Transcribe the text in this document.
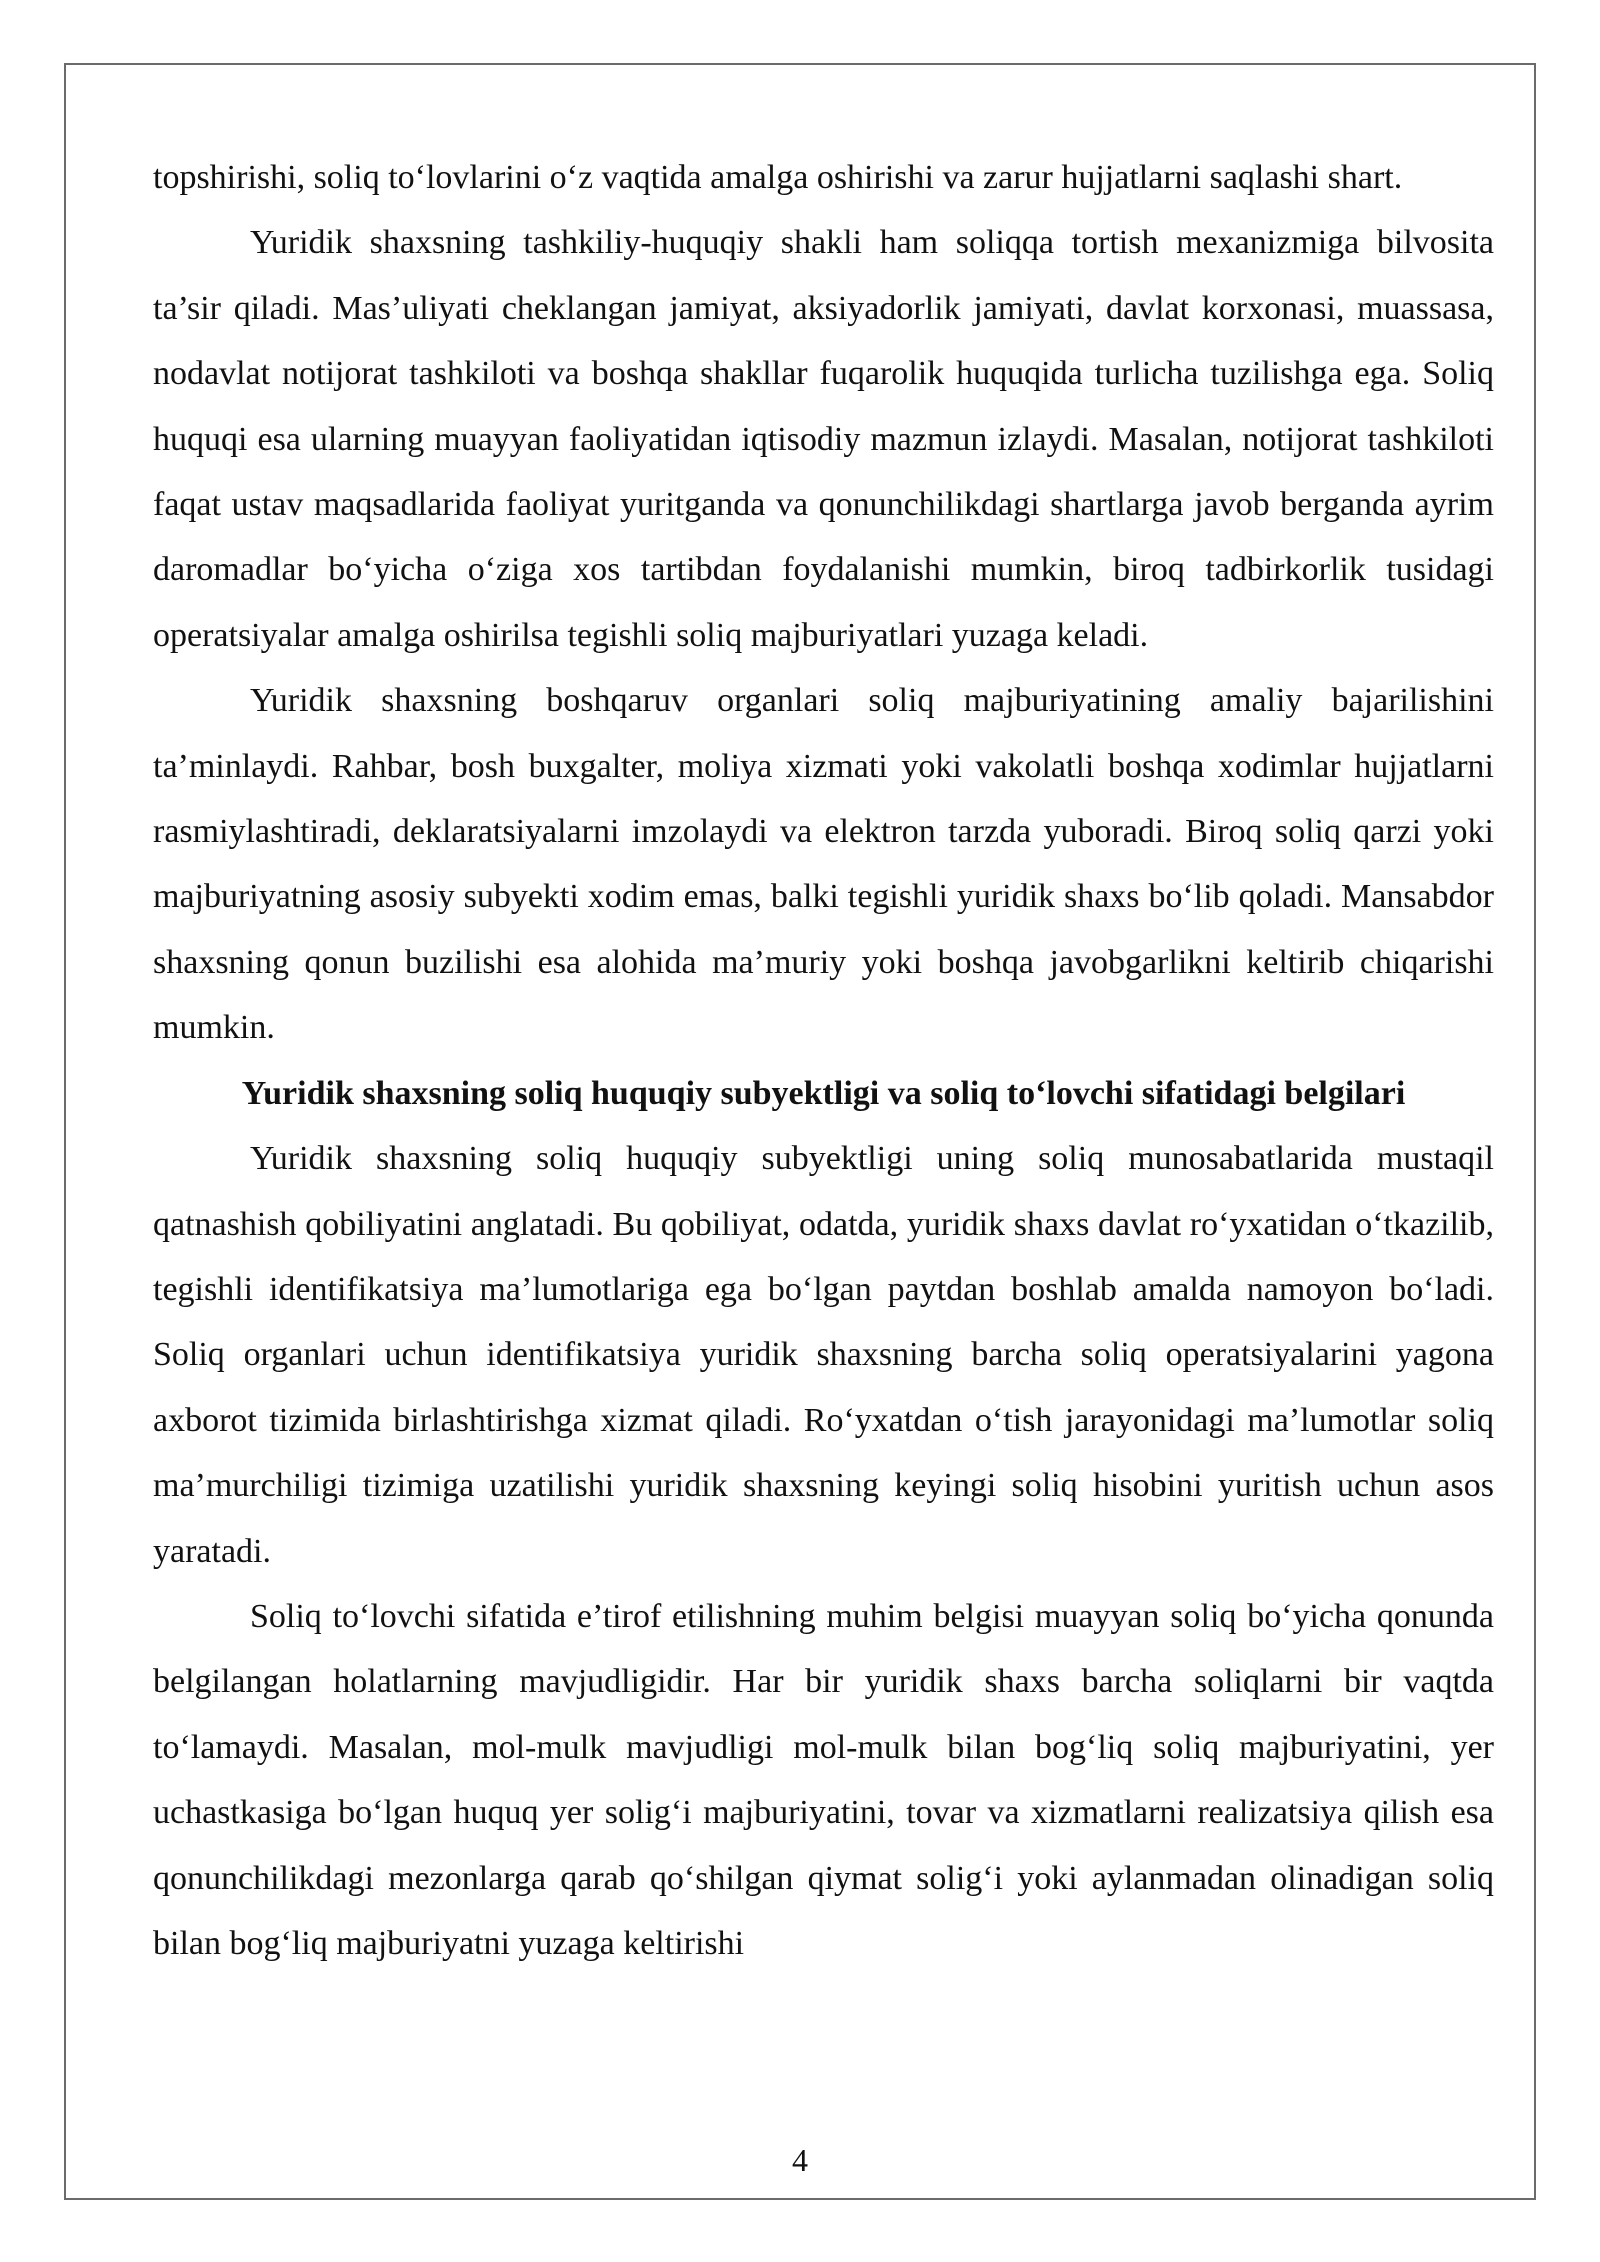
topshirishi, soliq to‘lovlarini o‘z vaqtida amalga oshirishi va zarur hujjatlarni saqlashi shart.

Yuridik shaxsning tashkiliy-huquqiy shakli ham soliqqa tortish mexanizmiga bilvosita ta’sir qiladi. Mas’uliyati cheklangan jamiyat, aksiyadorlik jamiyati, davlat korxonasi, muassasa, nodavlat notijorat tashkiloti va boshqa shakllar fuqarolik huquqida turlicha tuzilishga ega. Soliq huquqi esa ularning muayyan faoliyatidan iqtisodiy mazmun izlaydi. Masalan, notijorat tashkiloti faqat ustav maqsadlarida faoliyat yuritganda va qonunchilikdagi shartlarga javob berganda ayrim daromadlar bo‘yicha o‘ziga xos tartibdan foydalanishi mumkin, biroq tadbirkorlik tusidagi operatsiyalar amalga oshirilsa tegishli soliq majburiyatlari yuzaga keladi.

Yuridik shaxsning boshqaruv organlari soliq majburiyatining amaliy bajarilishini ta’minlaydi. Rahbar, bosh buxgalter, moliya xizmati yoki vakolatli boshqa xodimlar hujjatlarni rasmiylashtiradi, deklaratsiyalarni imzolaydi va elektron tarzda yuboradi. Biroq soliq qarzi yoki majburiyatning asosiy subyekti xodim emas, balki tegishli yuridik shaxs bo‘lib qoladi. Mansabdor shaxsning qonun buzilishi esa alohida ma’muriy yoki boshqa javobgarlikni keltirib chiqarishi mumkin.

Yuridik shaxsning soliq huquqiy subyektligi va soliq to‘lovchi sifatidagi belgilari

Yuridik shaxsning soliq huquqiy subyektligi uning soliq munosabatlarida mustaqil qatnashish qobiliyatini anglatadi. Bu qobiliyat, odatda, yuridik shaxs davlat ro‘yxatidan o‘tkazilib, tegishli identifikatsiya ma’lumotlariga ega bo‘lgan paytdan boshlab amalda namoyon bo‘ladi. Soliq organlari uchun identifikatsiya yuridik shaxsning barcha soliq operatsiyalarini yagona axborot tizimida birlashtirishga xizmat qiladi. Ro‘yxatdan o‘tish jarayonidagi ma’lumotlar soliq ma’murchiligi tizimiga uzatilishi yuridik shaxsning keyingi soliq hisobini yuritish uchun asos yaratadi.

Soliq to‘lovchi sifatida e’tirof etilishning muhim belgisi muayyan soliq bo‘yicha qonunda belgilangan holatlarning mavjudligidir. Har bir yuridik shaxs barcha soliqlarni bir vaqtda to‘lamaydi. Masalan, mol-mulk mavjudligi mol-mulk bilan bog‘liq soliq majburiyatini, yer uchastkasiga bo‘lgan huquq yer solig‘i majburiyatini, tovar va xizmatlarni realizatsiya qilish esa qonunchilikdagi mezonlarga qarab qo‘shilgan qiymat solig‘i yoki aylanmadan olinadigan soliq bilan bog‘liq majburiyatni yuzaga keltirishi

4
